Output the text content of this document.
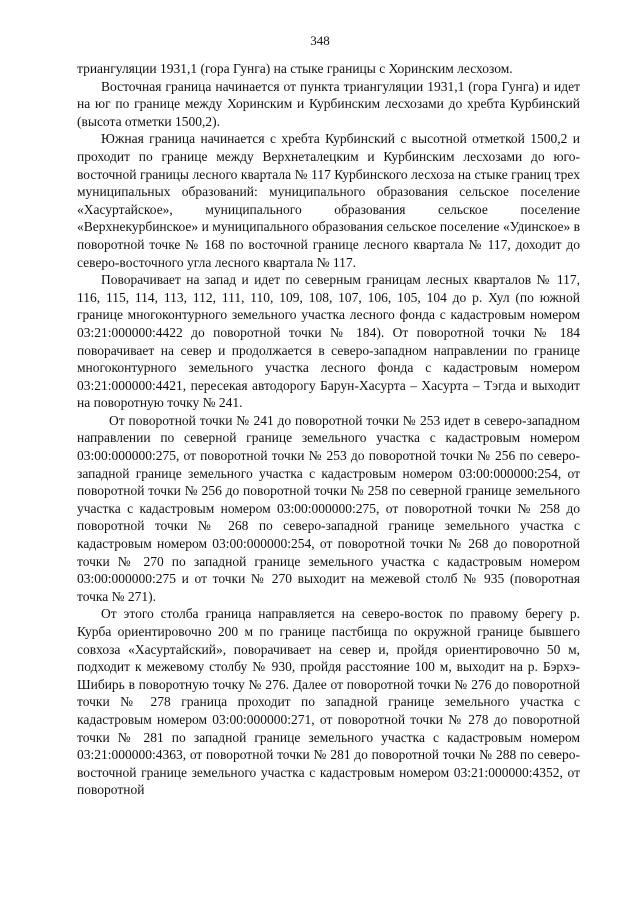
348

триангуляции 1931,1 (гора Гунга) на стыке границы с Хоринским лесхозом.

Восточная граница начинается от пункта триангуляции 1931,1 (гора Гунга) и идет на юг по границе между Хоринским и Курбинским лесхозами до хребта Курбинский (высота отметки 1500,2).

Южная граница начинается с хребта Курбинский с высотной отметкой 1500,2 и проходит по границе между Верхнеталецким и Курбинским лесхозами до юго-восточной границы лесного квартала № 117 Курбинского лесхоза на стыке границ трех муниципальных образований: муниципального образования сельское поселение «Хасуртайское», муниципального образования сельское поселение «Верхнекурбинское» и муниципального образования сельское поселение «Удинское» в поворотной точке № 168 по восточной границе лесного квартала № 117, доходит до северо-восточного угла лесного квартала № 117.

Поворачивает на запад и идет по северным границам лесных кварталов № 117, 116, 115, 114, 113, 112, 111, 110, 109, 108, 107, 106, 105, 104 до р. Хул (по южной границе многоконтурного земельного участка лесного фонда с кадастровым номером 03:21:000000:4422 до поворотной точки № 184). От поворотной точки № 184 поворачивает на север и продолжается в северо-западном направлении по границе многоконтурного земельного участка лесного фонда с кадастровым номером 03:21:000000:4421, пересекая автодорогу Барун-Хасурта – Хасурта – Тэгда и выходит на поворотную точку № 241.

От поворотной точки № 241 до поворотной точки № 253 идет в северо-западном направлении по северной границе земельного участка с кадастровым номером 03:00:000000:275, от поворотной точки № 253 до поворотной точки № 256 по северо-западной границе земельного участка с кадастровым номером 03:00:000000:254, от поворотной точки № 256 до поворотной точки № 258 по северной границе земельного участка с кадастровым номером 03:00:000000:275, от поворотной точки № 258 до поворотной точки № 268 по северо-западной границе земельного участка с кадастровым номером 03:00:000000:254, от поворотной точки № 268 до поворотной точки № 270 по западной границе земельного участка с кадастровым номером 03:00:000000:275 и от точки № 270 выходит на межевой столб № 935 (поворотная точка № 271).

От этого столба граница направляется на северо-восток по правому берегу р. Курба ориентировочно 200 м по границе пастбища по окружной границе бывшего совхоза «Хасуртайский», поворачивает на север и, пройдя ориентировочно 50 м, подходит к межевому столбу № 930, пройдя расстояние 100 м, выходит на р. Бэрхэ-Шибирь в поворотную точку № 276. Далее от поворотной точки № 276 до поворотной точки № 278 граница проходит по западной границе земельного участка с кадастровым номером 03:00:000000:271, от поворотной точки № 278 до поворотной точки № 281 по западной границе земельного участка с кадастровым номером 03:21:000000:4363, от поворотной точки № 281 до поворотной точки № 288 по северо-восточной границе земельного участка с кадастровым номером 03:21:000000:4352, от поворотной
